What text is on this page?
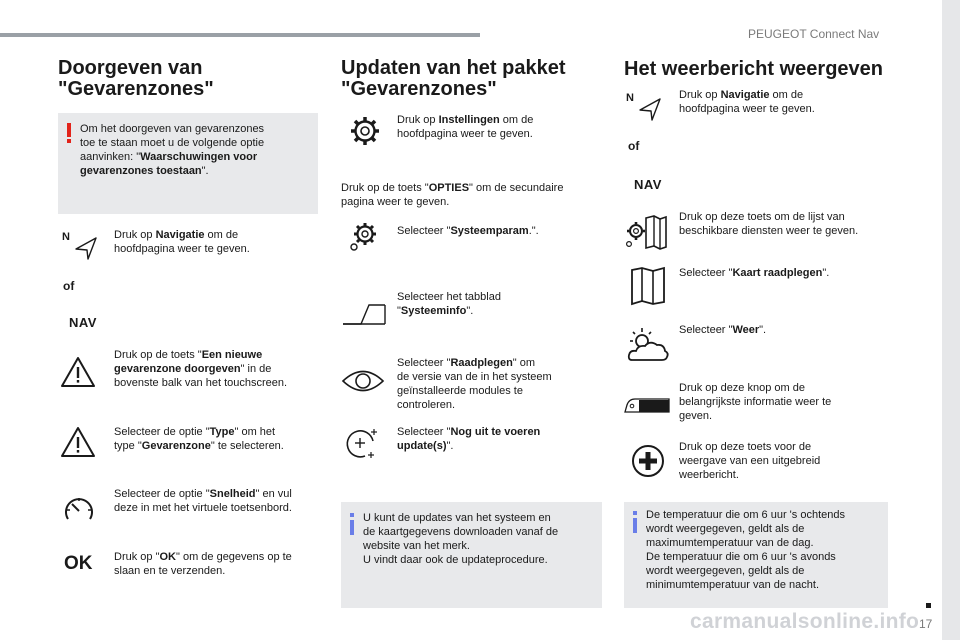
PEUGEOT Connect Nav
Doorgeven van
"Gevarenzones"
Om het doorgeven van gevarenzones
toe te staan moet u de volgende optie
aanvinken: "Waarschuwingen voor
gevarenzones toestaan".
N	Druk op Navigatie om de
hoofdpagina weer te geven.
of
NAV
Druk op de toets "Een nieuwe
gevarenzone doorgeven" in de
bovenste balk van het touchscreen.
Selecteer de optie "Type" om het
type "Gevarenzone" te selecteren.
Selecteer de optie "Snelheid" en vul
deze in met het virtuele toetsenbord.
OK Druk op "OK" om de gegevens op te
slaan en te verzenden.
Updaten van het pakket
"Gevarenzones"
Druk op Instellingen om de
hoofdpagina weer te geven.
Druk op de toets "OPTIES" om de secundaire
pagina weer te geven.
Selecteer "Systeemparam.".
Selecteer het tabblad
"Systeeminfo".
Selecteer "Raadplegen" om
de versie van de in het systeem
geïnstalleerde modules te
controleren.
Selecteer "Nog uit te voeren
update(s)".
U kunt de updates van het systeem en
de kaartgegevens downloaden vanaf de
website van het merk.
U vindt daar ook de updateprocedure.
Het weerbericht weergeven
N	Druk op Navigatie om de
hoofdpagina weer te geven.
of
NAV
Druk op deze toets om de lijst van
beschikbare diensten weer te geven.
Selecteer "Kaart raadplegen".
Selecteer "Weer".
Druk op deze knop om de
belangrijkste informatie weer te
geven.
Druk op deze toets voor de
weergave van een uitgebreid
weerbericht.
De temperatuur die om 6 uur 's ochtends
wordt weergegeven, geldt als de
maximumtemperatuur van de dag.
De temperatuur die om 6 uur 's avonds
wordt weergegeven, geldt als de
minimumtemperatuur van de nacht.
17
carmanualsonline.info
